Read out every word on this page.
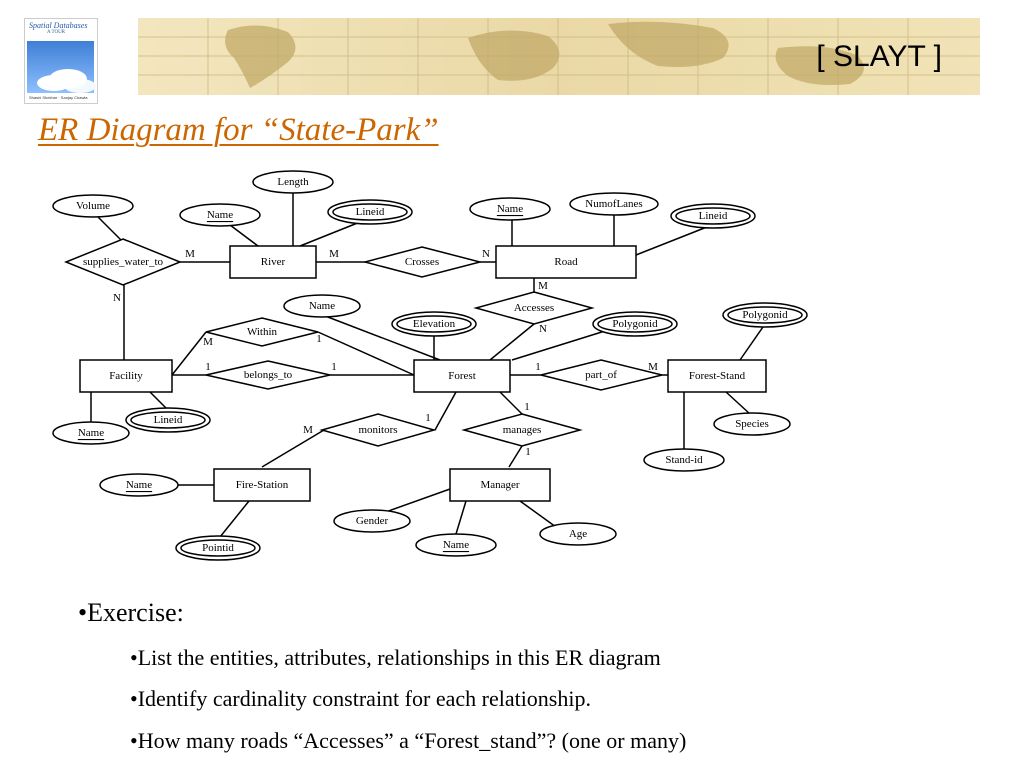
Spatial Databases
A TOUR
Shashi Shekhar · Sanjay Chawla
[ SLAYT ]
ER Diagram for “State-Park”
River	Road
Facility	Forest	Forest-Stand
Fire-Station	Manager
supplies_water_to	Crosses
Accesses
Within
belongs_to	part_of
monitors	manages
Volume
Length
Name	Lineid	Name	NumofLanes
Lineid
Name
Elevation	Polygonid
Polygonid
Species
Stand-id
Name
Lineid
Name
Pointid
Gender
Name
Age
M
N
M	N
M
N
M	1
1	1	1	M
M
1
1
1
•Exercise:
•List the entities, attributes, relationships in this ER diagram
•Identify cardinality constraint for each relationship.
•How many roads “Accesses” a “Forest_stand”? (one or many)
